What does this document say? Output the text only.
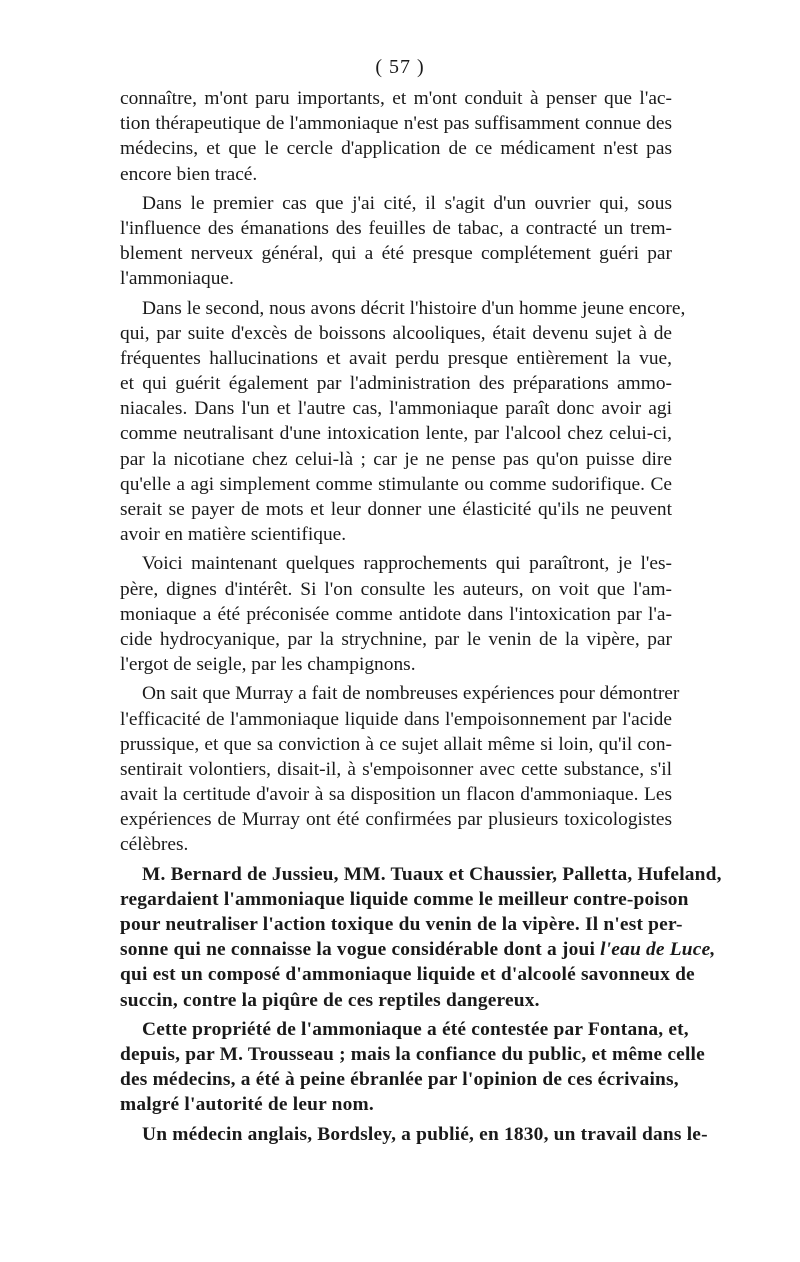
( 57 )
connaître, m'ont paru importants, et m'ont conduit à penser que l'ac-
tion thérapeutique de l'ammoniaque n'est pas suffisamment connue des
médecins, et que le cercle d'application de ce médicament n'est pas
encore bien tracé.
Dans le premier cas que j'ai cité, il s'agit d'un ouvrier qui, sous
l'influence des émanations des feuilles de tabac, a contracté un trem-
blement nerveux général, qui a été presque complétement guéri par
l'ammoniaque.
Dans le second, nous avons décrit l'histoire d'un homme jeune encore,
qui, par suite d'excès de boissons alcooliques, était devenu sujet à de
fréquentes hallucinations et avait perdu presque entièrement la vue,
et qui guérit également par l'administration des préparations ammo-
niacales. Dans l'un et l'autre cas, l'ammoniaque paraît donc avoir agi
comme neutralisant d'une intoxication lente, par l'alcool chez celui-ci,
par la nicotiane chez celui-là ; car je ne pense pas qu'on puisse dire
qu'elle a agi simplement comme stimulante ou comme sudorifique. Ce
serait se payer de mots et leur donner une élasticité qu'ils ne peuvent
avoir en matière scientifique.
Voici maintenant quelques rapprochements qui paraîtront, je l'es-
père, dignes d'intérêt. Si l'on consulte les auteurs, on voit que l'am-
moniaque a été préconisée comme antidote dans l'intoxication par l'a-
cide hydrocyanique, par la strychnine, par le venin de la vipère, par
l'ergot de seigle, par les champignons.
On sait que Murray a fait de nombreuses expériences pour démontrer
l'efficacité de l'ammoniaque liquide dans l'empoisonnement par l'acide
prussique, et que sa conviction à ce sujet allait même si loin, qu'il con-
sentirait volontiers, disait-il, à s'empoisonner avec cette substance, s'il
avait la certitude d'avoir à sa disposition un flacon d'ammoniaque. Les
expériences de Murray ont été confirmées par plusieurs toxicologistes
célèbres.
M. Bernard de Jussieu, MM. Tuaux et Chaussier, Palletta, Hufeland,
regardaient l'ammoniaque liquide comme le meilleur contre-poison
pour neutraliser l'action toxique du venin de la vipère. Il n'est per-
sonne qui ne connaisse la vogue considérable dont a joui l'eau de Luce,
qui est un composé d'ammoniaque liquide et d'alcoolé savonneux de
succin, contre la piqûre de ces reptiles dangereux.
Cette propriété de l'ammoniaque a été contestée par Fontana, et,
depuis, par M. Trousseau ; mais la confiance du public, et même celle
des médecins, a été à peine ébranlée par l'opinion de ces écrivains,
malgré l'autorité de leur nom.
Un médecin anglais, Bordsley, a publié, en 1830, un travail dans le-
